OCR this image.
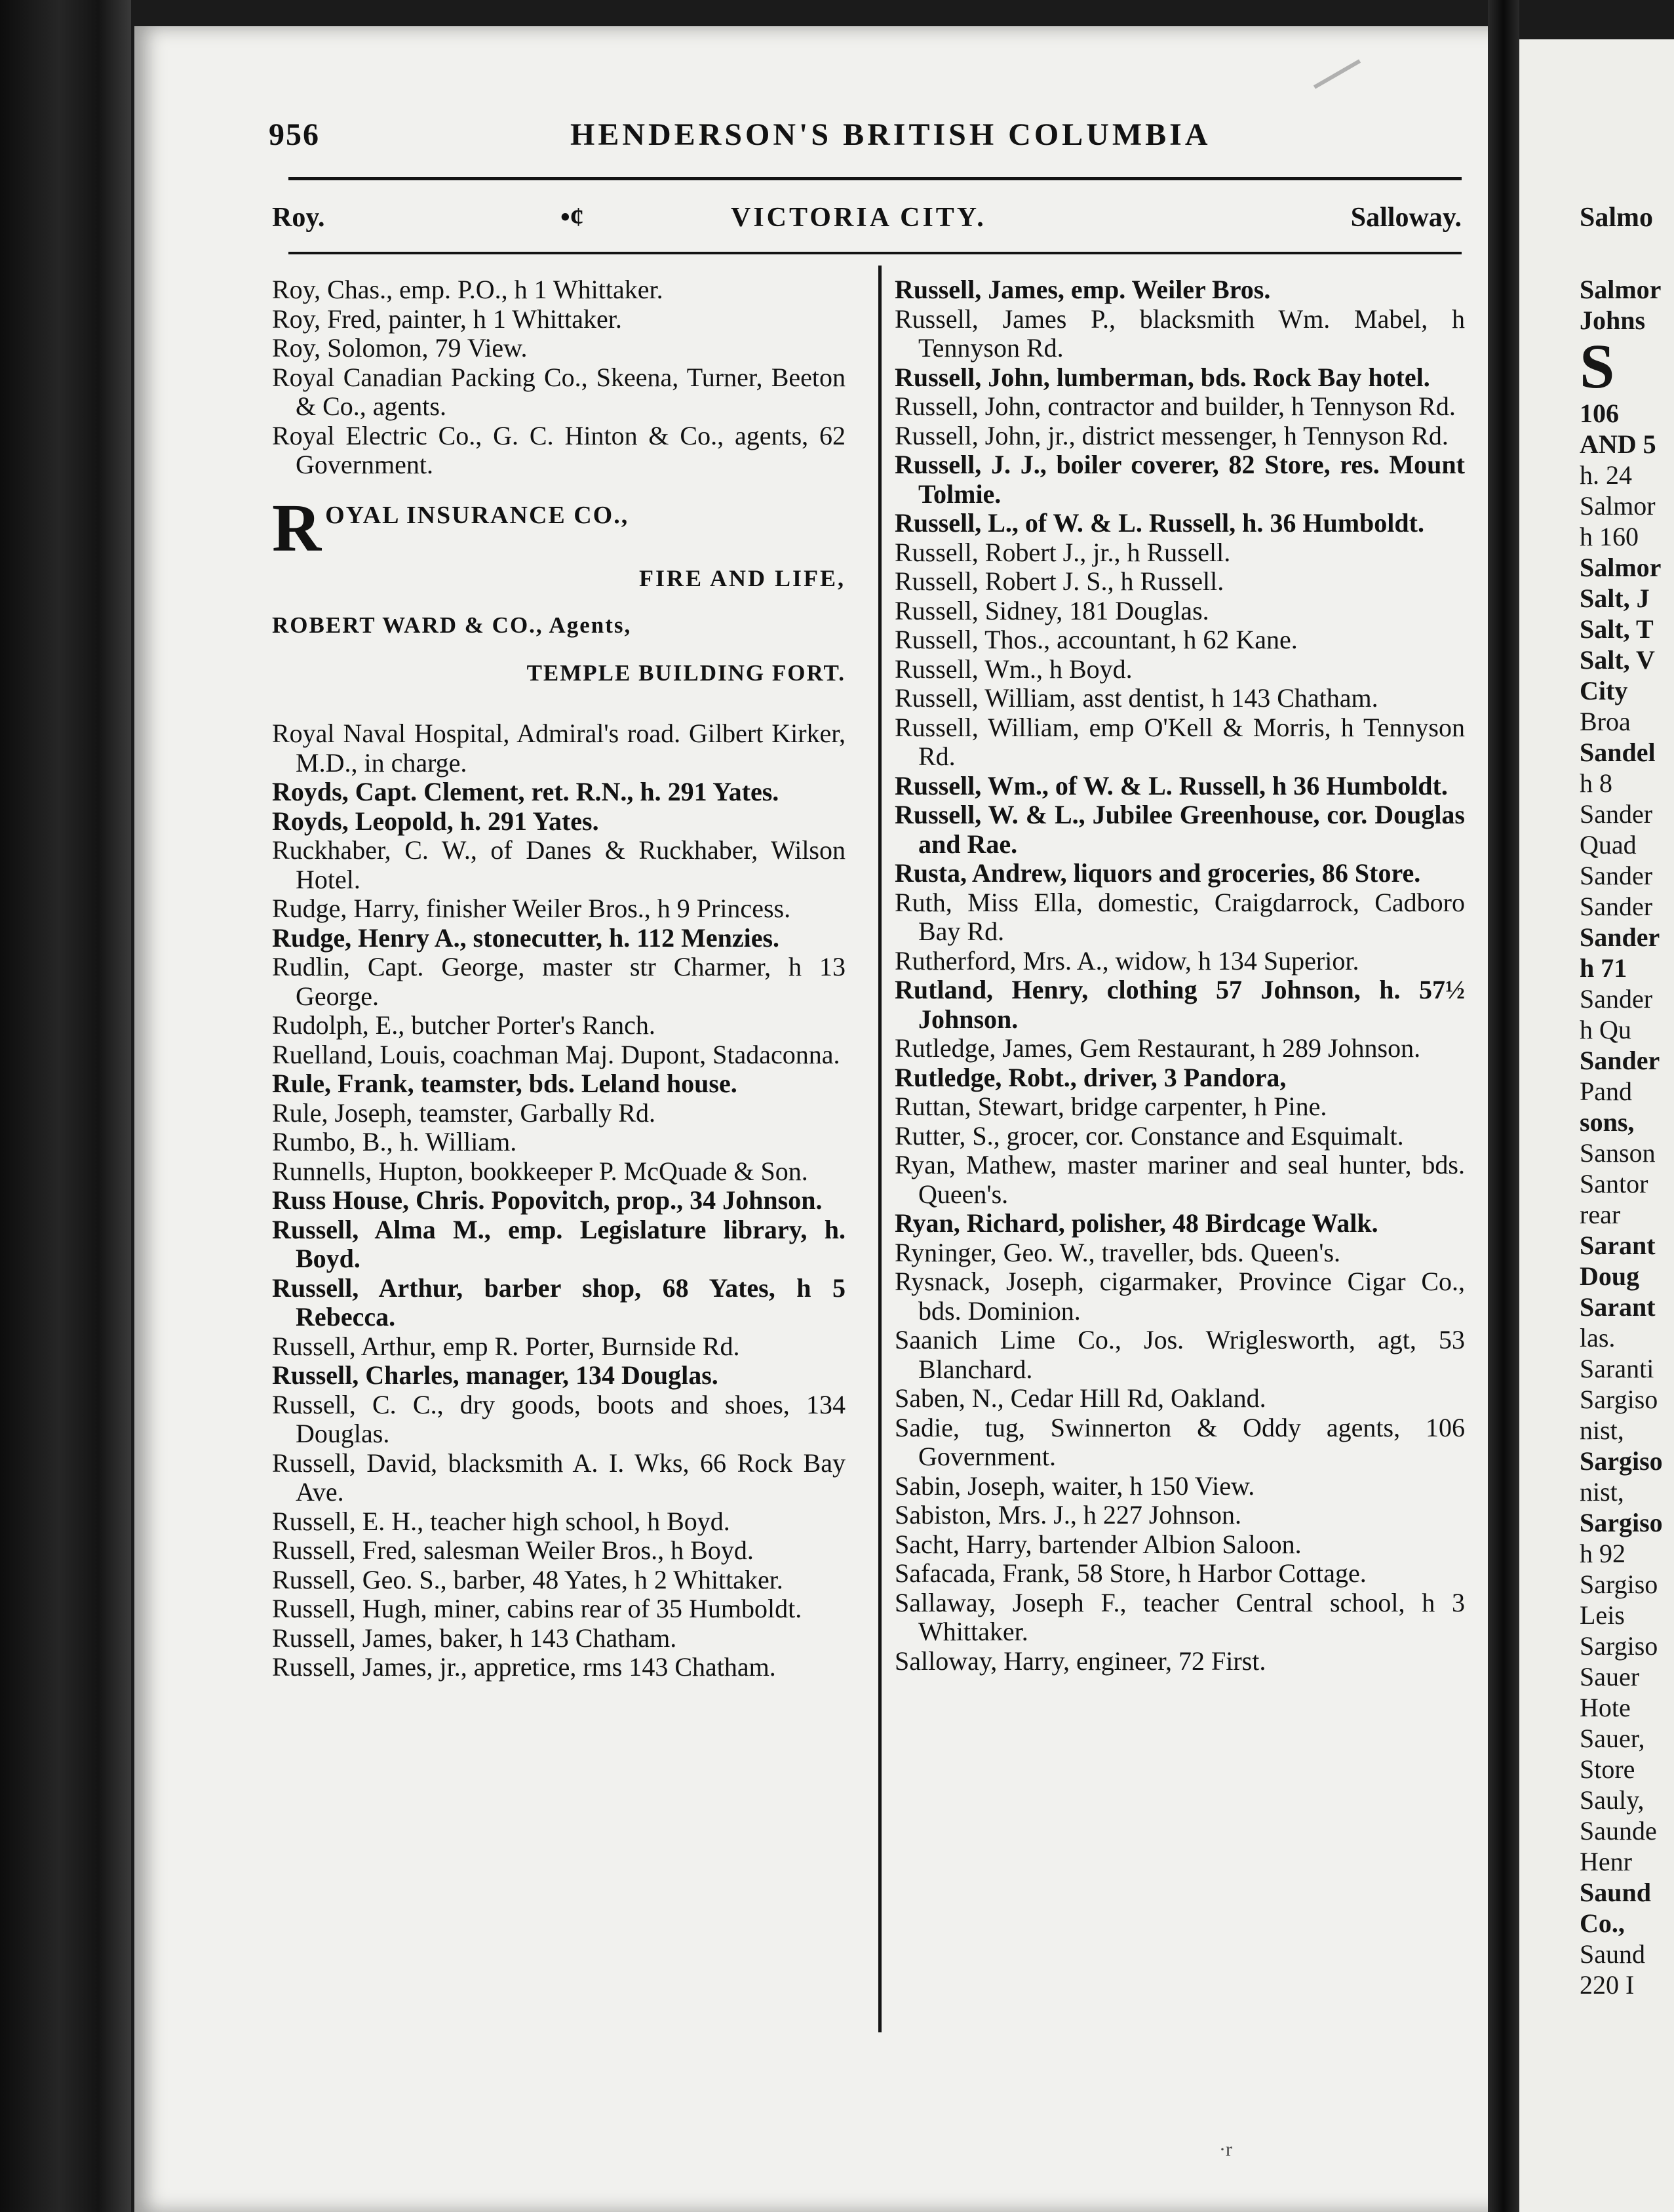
956	HENDERSON'S BRITISH COLUMBIA
Roy.	•¢	VICTORIA CITY.	Salloway.

Roy, Chas., emp. P.O., h 1 Whittaker.

Roy, Fred, painter, h 1 Whittaker.

Roy, Solomon, 79 View.

Royal Canadian Packing Co., Skeena, Turner, Beeton & Co., agents.

Royal Electric Co., G. C. Hinton & Co., agents, 62 Government.

ROYAL INSURANCE CO.,
FIRE AND LIFE,
ROBERT WARD & CO., Agents,
TEMPLE BUILDING FORT.

Royal Naval Hospital, Admiral's road. Gilbert Kirker, M.D., in charge.

Royds, Capt. Clement, ret. R.N., h. 291 Yates.

Royds, Leopold, h. 291 Yates.

Ruckhaber, C. W., of Danes & Ruckhaber, Wilson Hotel.

Rudge, Harry, finisher Weiler Bros., h 9 Princess.

Rudge, Henry A., stonecutter, h. 112 Menzies.

Rudlin, Capt. George, master str Charmer, h 13 George.

Rudolph, E., butcher Porter's Ranch.

Ruelland, Louis, coachman Maj. Dupont, Stadaconna.

Rule, Frank, teamster, bds. Leland house.

Rule, Joseph, teamster, Garbally Rd.

Rumbo, B., h. William.

Runnells, Hupton, bookkeeper P. McQuade & Son.

Russ House, Chris. Popovitch, prop., 34 Johnson.

Russell, Alma M., emp. Legislature library, h. Boyd.

Russell, Arthur, barber shop, 68 Yates, h 5 Rebecca.

Russell, Arthur, emp R. Porter, Burnside Rd.

Russell, Charles, manager, 134 Douglas.

Russell, C. C., dry goods, boots and shoes, 134 Douglas.

Russell, David, blacksmith A. I. Wks, 66 Rock Bay Ave.

Russell, E. H., teacher high school, h Boyd.

Russell, Fred, salesman Weiler Bros., h Boyd.

Russell, Geo. S., barber, 48 Yates, h 2 Whittaker.

Russell, Hugh, miner, cabins rear of 35 Humboldt.

Russell, James, baker, h 143 Chatham.

Russell, James, jr., appretice, rms 143 Chatham.

Russell, James, emp. Weiler Bros.

Russell, James P., blacksmith Wm. Mabel, h Tennyson Rd.

Russell, John, lumberman, bds. Rock Bay hotel.

Russell, John, contractor and builder, h Tennyson Rd.

Russell, John, jr., district messenger, h Tennyson Rd.

Russell, J. J., boiler coverer, 82 Store, res. Mount Tolmie.

Russell, L., of W. & L. Russell, h. 36 Humboldt.

Russell, Robert J., jr., h Russell.

Russell, Robert J. S., h Russell.

Russell, Sidney, 181 Douglas.

Russell, Thos., accountant, h 62 Kane.

Russell, Wm., h Boyd.

Russell, William, asst dentist, h 143 Chatham.

Russell, William, emp O'Kell & Morris, h Tennyson Rd.

Russell, Wm., of W. & L. Russell, h 36 Humboldt.

Russell, W. & L., Jubilee Greenhouse, cor. Douglas and Rae.

Rusta, Andrew, liquors and groceries, 86 Store.

Ruth, Miss Ella, domestic, Craigdarrock, Cadboro Bay Rd.

Rutherford, Mrs. A., widow, h 134 Superior.

Rutland, Henry, clothing 57 Johnson, h. 57½ Johnson.

Rutledge, James, Gem Restaurant, h 289 Johnson.

Rutledge, Robt., driver, 3 Pandora,

Ruttan, Stewart, bridge carpenter, h Pine.

Rutter, S., grocer, cor. Constance and Esquimalt.

Ryan, Mathew, master mariner and seal hunter, bds. Queen's.

Ryan, Richard, polisher, 48 Birdcage Walk.

Ryninger, Geo. W., traveller, bds. Queen's.

Rysnack, Joseph, cigarmaker, Province Cigar Co., bds. Dominion.

Saanich Lime Co., Jos. Wriglesworth, agt, 53 Blanchard.

Saben, N., Cedar Hill Rd, Oakland.

Sadie, tug, Swinnerton & Oddy agents, 106 Government.

Sabin, Joseph, waiter, h 150 View.

Sabiston, Mrs. J., h 227 Johnson.

Sacht, Harry, bartender Albion Saloon.

Safacada, Frank, 58 Store, h Harbor Cottage.

Sallaway, Joseph F., teacher Central school, h 3 Whittaker.

Salloway, Harry, engineer, 72 First.

Salmo
Salmor
Johns
S
106
AND 5
h. 24
Salmor
h 160
Salmor
Salt, J
Salt, T
Salt, V
City
Broa
Sandel
h 8
Sander
Quad
Sander
Sander
Sander
h 71
Sander
h Qu
Sander
Pand
sons,
Sanson
Santor
rear
Sarant
Doug
Sarant
las.
Saranti
Sargiso
nist,
Sargiso
nist,
Sargiso
h 92
Sargiso
Leis
Sargiso
Sauer
Hote
Sauer,
Store
Sauly,
Saunde
Henr
Saund
Co.,
Saund
220 I
·r
